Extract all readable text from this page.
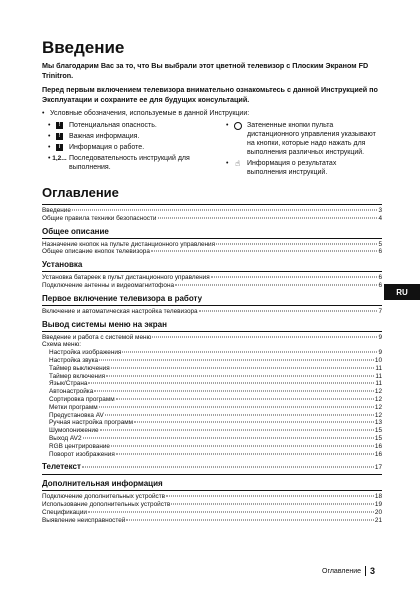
Введение

Мы благодарим Вас за то, что Вы выбрали этот цветной телевизор с Плоским Экраном FD Trinitron.

Перед первым включением телевизора внимательно ознакомьтесь с данной Инструкцией по Эксплуатации и сохраните ее для будущих консультаций.

• Условные обозначения, используемые в данной Инструкции:
•	!	Потенциальная опасность.
•	!	Важная информация.
•	i	Информация о работе.
• 1,2... Последовательность инструкций для выполнения.
•	Затененные кнопки пульта дистанционного управления указывают на кнопки, которые надо нажать для выполнения различных инструкций.
• ☝ Информация о результатах выполнения инструкций.
Оглавление
Введение	3
Общие правила техники безопасности	4
Общее описание
Назначение кнопок на пульте дистанционного управления	5
Общее описание кнопок телевизора	6
Установка
Установка батареек в пульт дистанционного управления	6
Подключение антенны и видеомагнитофона	6
Первое включение телевизора в работу
Включение и автоматическая настройка телевизора	7
Вывод системы меню на экран
Введение и работа с системой меню	9
Схема меню:
Настройка изображения	9
Настройка звука	10
Таймер выключения	11
Таймер включения	11
Язык/Страна	11
Автонастройка	12
Сортировка программ	12
Метки программ	12
Предустановка AV	12
Ручная настройка программ	13
Шумопонижение	15
Выход AV2	15
RGB центрирование	16
Поворот изображения	16
Телетекст	17
Дополнительная информация
Подключение дополнительных устройств	18
Использование дополнительных устройств	19
Спецификации	20
Выявление неисправностей	21
RU
Оглавление 3
